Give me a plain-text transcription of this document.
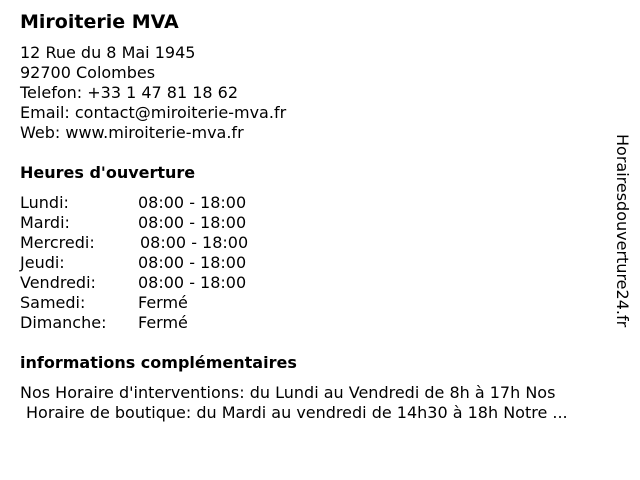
Miroiterie MVA
12 Rue du 8 Mai 1945
92700 Colombes
Telefon: +33 1 47 81 18 62
Email: contact@miroiterie-mva.fr
Web: www.miroiterie-mva.fr
Heures d'ouverture
Lundi:	08:00 - 18:00
Mardi:	08:00 - 18:00
Mercredi:	08:00 - 18:00
Jeudi:	08:00 - 18:00
Vendredi:	08:00 - 18:00
Samedi:	Fermé
Dimanche: Fermé
informations complémentaires
Nos Horaire d'interventions: du Lundi au Vendredi de 8h à 17h Nos
Horaire de boutique: du Mardi au vendredi de 14h30 à 18h Notre ...
Horairesdouverture24.fr
